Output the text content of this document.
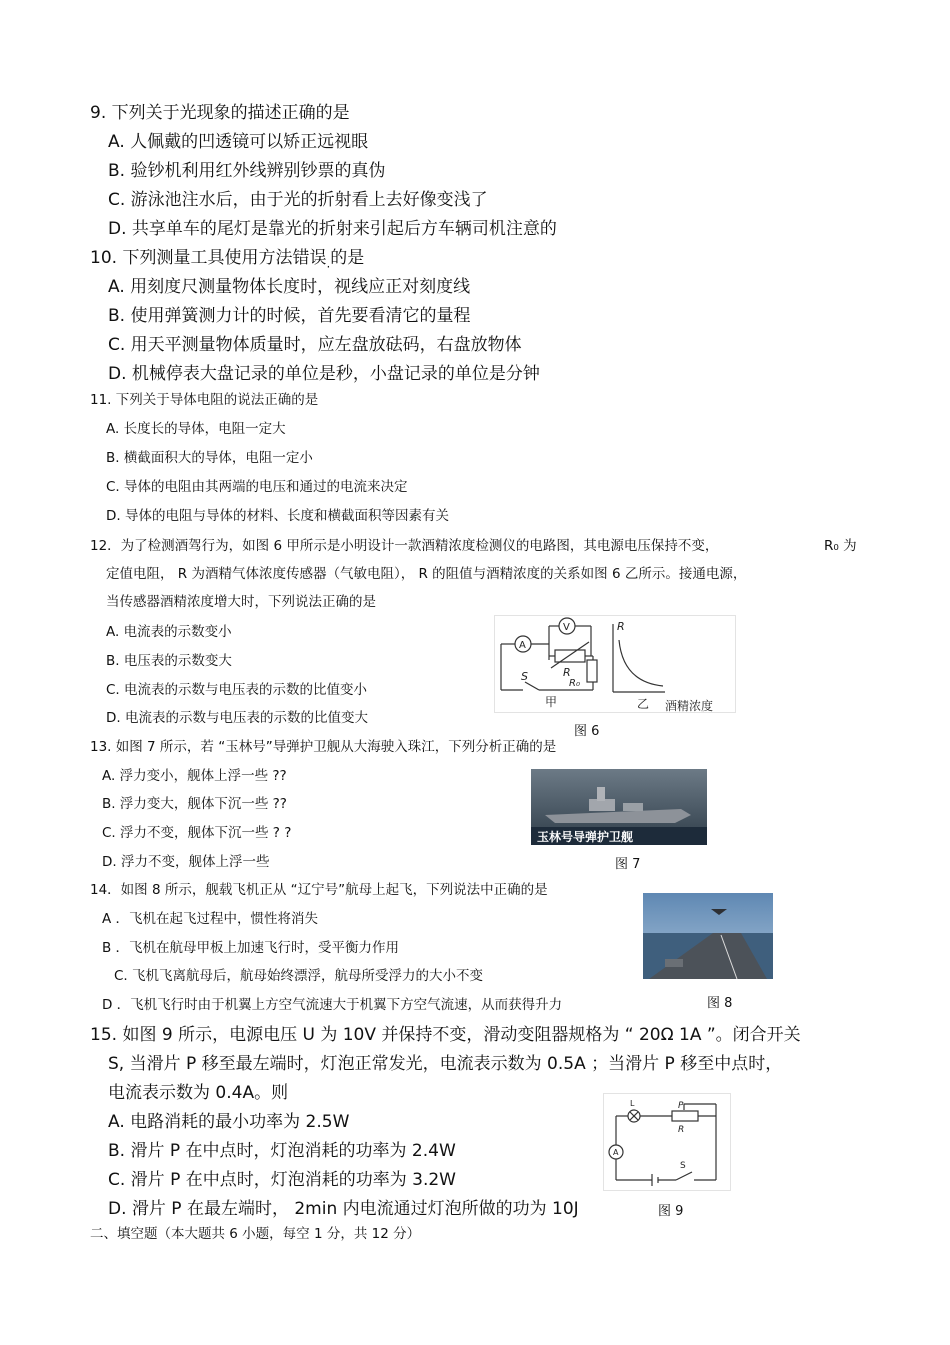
9. 下列关于光现象的描述正确的是
A. 人佩戴的凹透镜可以矫正远视眼
B. 验钞机利用红外线辨别钞票的真伪
C. 游泳池注水后，由于光的折射看上去好像变浅了
D. 共享单车的尾灯是靠光的折射来引起后方车辆司机注意的
10. 下列测量工具使用方法错误$_\cdot$的是
A. 用刻度尺测量物体长度时，视线应正对刻度线
B. 使用弹簧测力计的时候，首先要看清它的量程
C. 用天平测量物体质量时，应左盘放砝码，右盘放物体
D. 机械停表大盘记录的单位是秒，小盘记录的单位是分钟
11. 下列关于导体电阻的说法正确的是
A. 长度长的导体，电阻一定大
B. 横截面积大的导体，电阻一定小
C. 导体的电阻由其两端的电压和通过的电流来决定
D. 导体的电阻与导体的材料、长度和横截面积等因素有关
12．为了检测酒驾行为，如图 6 甲所示是小明设计一款酒精浓度检测仪的电路图，其电源电压保持不变，	R₀ 为
定值电阻， R 为酒精气体浓度传感器（气敏电阻）， R 的阻值与酒精浓度的关系如图 6 乙所示。接通电源，
当传感器酒精浓度增大时，下列说法正确的是
A. 电流表的示数变小
B. 电压表的示数变大
C. 电流表的示数与电压表的示数的比值变小
D. 电流表的示数与电压表的示数的比值变大
A
V
R
R₀
S
甲
R
乙 酒精浓度
图 6
13. 如图 7 所示，若 “玉林号”导弹护卫舰从大海驶入珠江，下列分析正确的是
A. 浮力变小，舰体上浮一些 ??
B. 浮力变大，舰体下沉一些 ??
C. 浮力不变，舰体下沉一些 ? ?
D. 浮力不变，舰体上浮一些
玉林号导弹护卫舰
图 7
14．如图 8 所示，舰载飞机正从 “辽宁号”航母上起飞，下列说法中正确的是
A ．飞机在起飞过程中，惯性将消失
B ．飞机在航母甲板上加速飞行时，受平衡力作用
C. 飞机飞离航母后，航母始终漂浮，航母所受浮力的大小不变
D ．飞机飞行时由于机翼上方空气流速大于机翼下方空气流速，从而获得升力	图 8
15. 如图 9 所示，电源电压 U 为 10V 并保持不变，滑动变阻器规格为 “ 20Ω 1A ”。闭合开关
S, 当滑片 P 移至最左端时，灯泡正常发光，电流表示数为 0.5A ；当滑片 P 移至中点时，
电流表示数为 0.4A。则
A. 电路消耗的最小功率为 2.5W
B. 滑片 P 在中点时，灯泡消耗的功率为 2.4W
C. 滑片 P 在中点时，灯泡消耗的功率为 3.2W
D. 滑片 P 在最左端时， 2min 内电流通过灯泡所做的功为 10J
L	P
R
A
S
图 9
二、填空题（本大题共 6 小题，每空 1 分，共 12 分）
